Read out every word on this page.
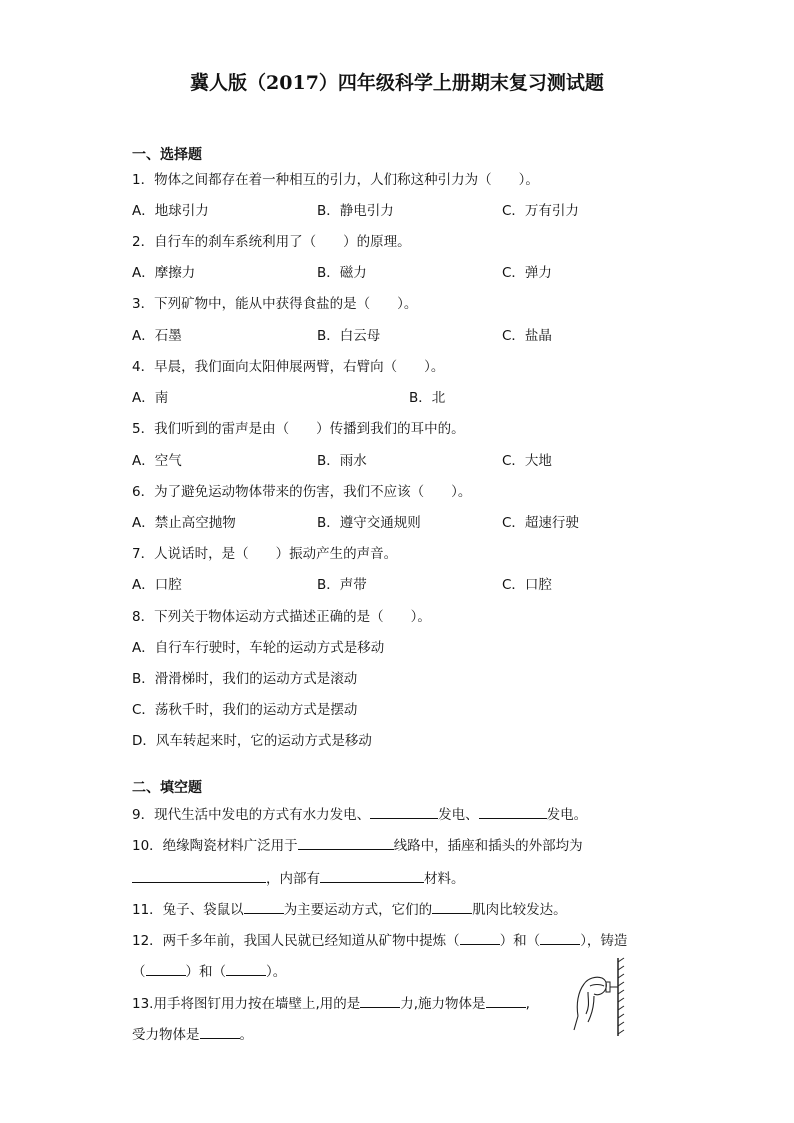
冀人版（2017）四年级科学上册期末复习测试题
一、选择题
1．物体之间都存在着一种相互的引力，人们称这种引力为（　　）。
A．地球引力	B．静电引力	C．万有引力
2．自行车的刹车系统利用了（　　）的原理。
A．摩擦力	B．磁力	C．弹力
3．下列矿物中，能从中获得食盐的是（　　）。
A．石墨	B．白云母	C．盐晶
4．早晨，我们面向太阳伸展两臂，右臂向（　　）。
A．南	B．北
5．我们听到的雷声是由（　　）传播到我们的耳中的。
A．空气	B．雨水	C．大地
6．为了避免运动物体带来的伤害，我们不应该（　　）。
A．禁止高空抛物	B．遵守交通规则	C．超速行驶
7．人说话时，是（　　）振动产生的声音。
A．口腔	B．声带	C．口腔
8．下列关于物体运动方式描述正确的是（　　）。
A．自行车行驶时，车轮的运动方式是移动
B．滑滑梯时，我们的运动方式是滚动
C．荡秋千时，我们的运动方式是摆动
D．风车转起来时，它的运动方式是移动
二、填空题
9．现代生活中发电的方式有水力发电、	发电、	发电。
10．绝缘陶瓷材料广泛用于	线路中，插座和插头的外部均为
，内部有	材料。
11．兔子、袋鼠以	为主要运动方式，它们的	肌肉比较发达。
12．两千多年前，我国人民就已经知道从矿物中提炼（	）和（	），铸造
（	）和（	）。
13.用手将图钉用力按在墙壁上,用的是	力,施力物体是	,
受力物体是	。
